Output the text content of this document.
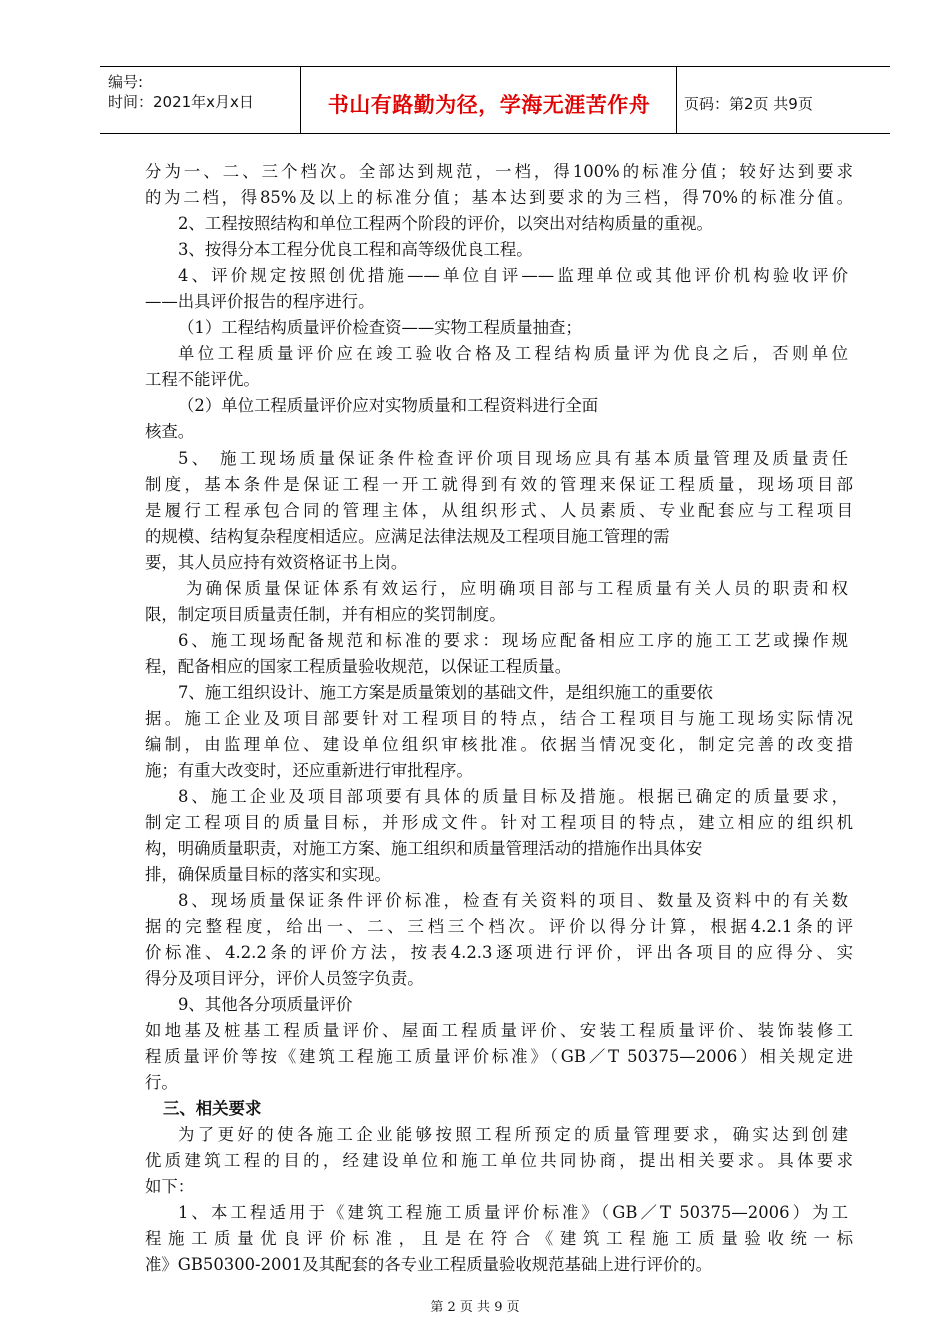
编号:
时间：2021年x月x日	书山有路勤为径，学海无涯苦作舟	页码：第2页 共9页
分为一、二、三个档次。全部达到规范，一档，得100%的标准分值；较好达到要求
的为二档，得85%及以上的标准分值；基本达到要求的为三档，得70%的标准分值。
2、工程按照结构和单位工程两个阶段的评价，以突出对结构质量的重视。
3、按得分本工程分优良工程和高等级优良工程。
4、评价规定按照创优措施——单位自评——监理单位或其他评价机构验收评价
——出具评价报告的程序进行。
（1）工程结构质量评价检查资——实物工程质量抽查；
单位工程质量评价应在竣工验收合格及工程结构质量评为优良之后，否则单位
工程不能评优。
（2）单位工程质量评价应对实物质量和工程资料进行全面
核查。
5、 施工现场质量保证条件检查评价项目现场应具有基本质量管理及质量责任
制度，基本条件是保证工程一开工就得到有效的管理来保证工程质量，现场项目部
是履行工程承包合同的管理主体，从组织形式、人员素质、专业配套应与工程项目
的规模、结构复杂程度相适应。应满足法律法规及工程项目施工管理的需
要，其人员应持有效资格证书上岗。
为确保质量保证体系有效运行，应明确项目部与工程质量有关人员的职责和权
限，制定项目质量责任制，并有相应的奖罚制度。
6、施工现场配备规范和标准的要求：现场应配备相应工序的施工工艺或操作规
程，配备相应的国家工程质量验收规范，以保证工程质量。
7、施工组织设计、施工方案是质量策划的基础文件，是组织施工的重要依
据。施工企业及项目部要针对工程项目的特点，结合工程项目与施工现场实际情况
编制，由监理单位、建设单位组织审核批准。依据当情况变化，制定完善的改变措
施；有重大改变时，还应重新进行审批程序。
8、施工企业及项目部项要有具体的质量目标及措施。根据已确定的质量要求，
制定工程项目的质量目标，并形成文件。针对工程项目的特点，建立相应的组织机
构，明确质量职责，对施工方案、施工组织和质量管理活动的措施作出具体安
排，确保质量目标的落实和实现。
8、现场质量保证条件评价标准，检查有关资料的项目、数量及资料中的有关数
据的完整程度，给出一、二、三档三个档次。评价以得分计算，根据4.2.1条的评
价标准、4.2.2条的评价方法，按表4.2.3逐项进行评价，评出各项目的应得分、实
得分及项目评分，评价人员签字负责。
9、其他各分项质量评价
如地基及桩基工程质量评价、屋面工程质量评价、安装工程质量评价、装饰装修工
程质量评价等按《建筑工程施工质量评价标准》（GB／T 50375—2006）相关规定进
行。
三、相关要求
为了更好的使各施工企业能够按照工程所预定的质量管理要求，确实达到创建
优质建筑工程的目的，经建设单位和施工单位共同协商，提出相关要求。具体要求
如下：
1、本工程适用于《建筑工程施工质量评价标准》（GB／T 50375—2006）为工
程施工质量优良评价标准，且是在符合《建筑工程施工质量验收统一标
准》GB50300-2001及其配套的各专业工程质量验收规范基础上进行评价的。
第 2 页 共 9 页
